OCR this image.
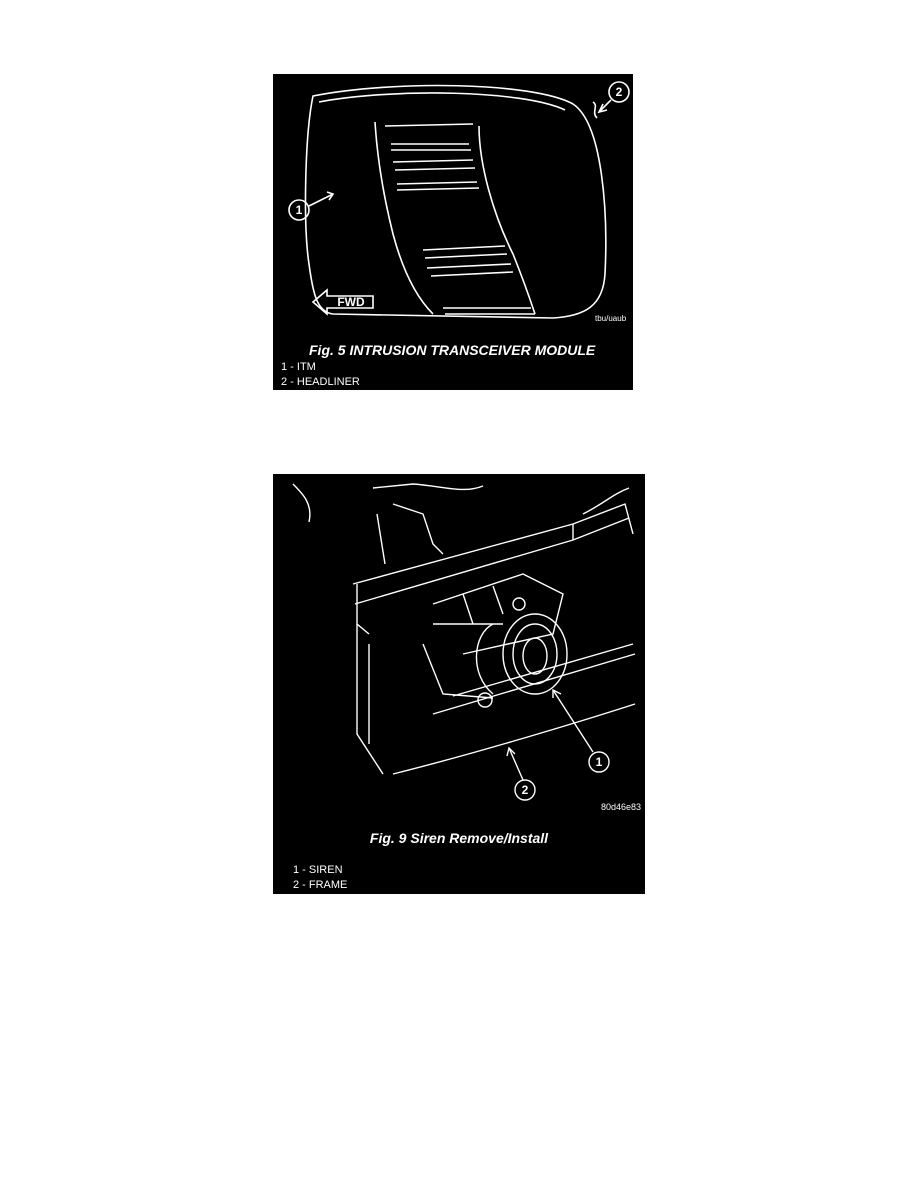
1
2
FWD
tbu/uaub
Fig. 5 INTRUSION TRANSCEIVER MODULE
1 - ITM
2 - HEADLINER
1
2
80d46e83
Fig. 9 Siren Remove/Install
1 - SIREN
2 - FRAME
